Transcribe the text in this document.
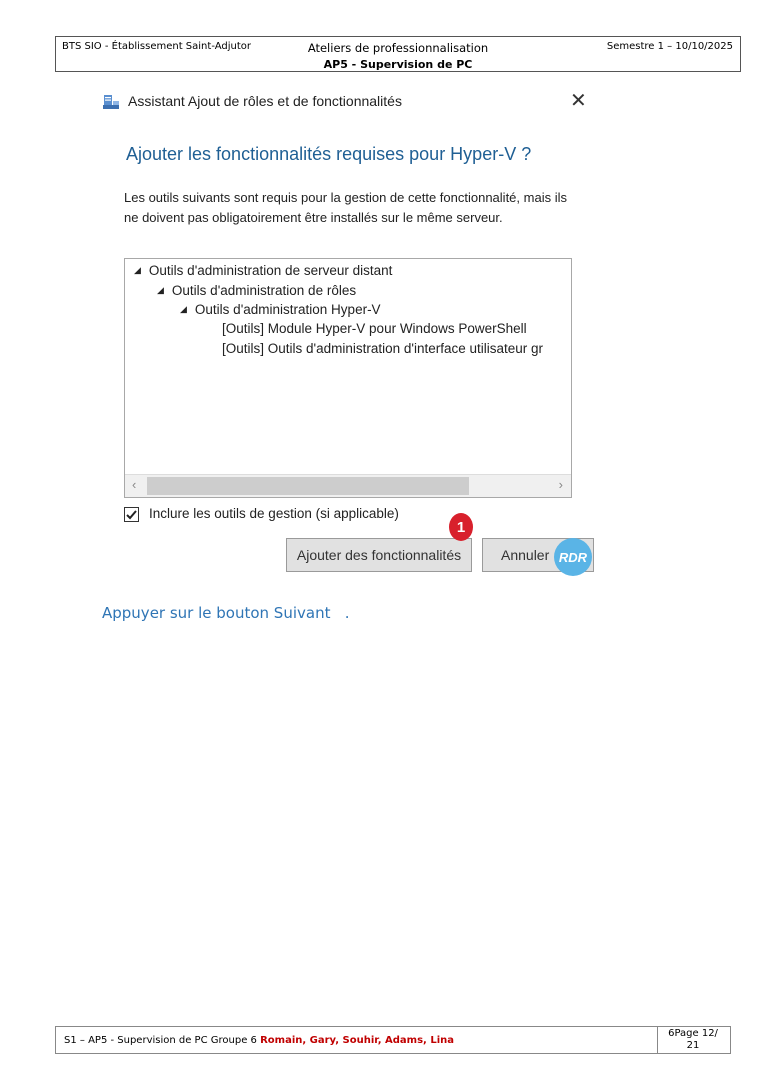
BTS SIO - Établissement Saint-Adjutor	Ateliers de professionnalisation
AP5 - Supervision de PC
Semestre 1 – 10/10/2025
Assistant Ajout de rôles et de fonctionnalités	✕
Ajouter les fonctionnalités requises pour Hyper-V ?
Les outils suivants sont requis pour la gestion de cette fonctionnalité, mais ils ne doivent pas obligatoirement être installés sur le même serveur.
◢ Outils d'administration de serveur distant
◢ Outils d'administration de rôles
◢ Outils d'administration Hyper-V
[Outils] Module Hyper-V pour Windows PowerShell
[Outils] Outils d'administration d'interface utilisateur gr
‹	›
Inclure les outils de gestion (si applicable)
Ajouter des fonctionnalités	Annuler
1
RDR
Appuyer sur le bouton Suivant   .
S1 – AP5 - Supervision de PC Groupe 6 Romain, Gary, Souhir, Adams, Lina
6Page 12/
21
